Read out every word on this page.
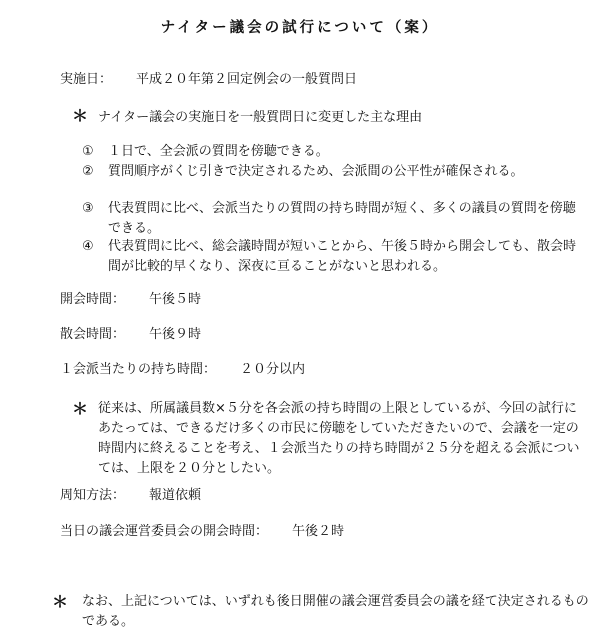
ナイター議会の試行について（案）
実施日： 平成２０年第２回定例会の一般質問日
＊ ナイター議会の実施日を一般質問日に変更した主な理由
① １日で、全会派の質問を傍聴できる。
② 質問順序がくじ引きで決定されるため、会派間の公平性が確保される。
③ 代表質問に比べ、会派当たりの質問の持ち時間が短く、多くの議員の質問を傍聴できる。
④ 代表質問に比べ、総会議時間が短いことから、午後５時から開会しても、散会時間が比較的早くなり、深夜に亘ることがないと思われる。
開会時間： 午後５時
散会時間： 午後９時
１会派当たりの持ち時間： ２０分以内
＊ 従来は、所属議員数×５分を各会派の持ち時間の上限としているが、今回の試行にあたっては、できるだけ多くの市民に傍聴をしていただきたいので、会議を一定の時間内に終えることを考え、１会派当たりの持ち時間が２５分を超える会派については、上限を２０分としたい。
周知方法： 報道依頼
当日の議会運営委員会の開会時間： 午後２時
＊ なお、上記については、いずれも後日開催の議会運営委員会の議を経て決定されるものである。
